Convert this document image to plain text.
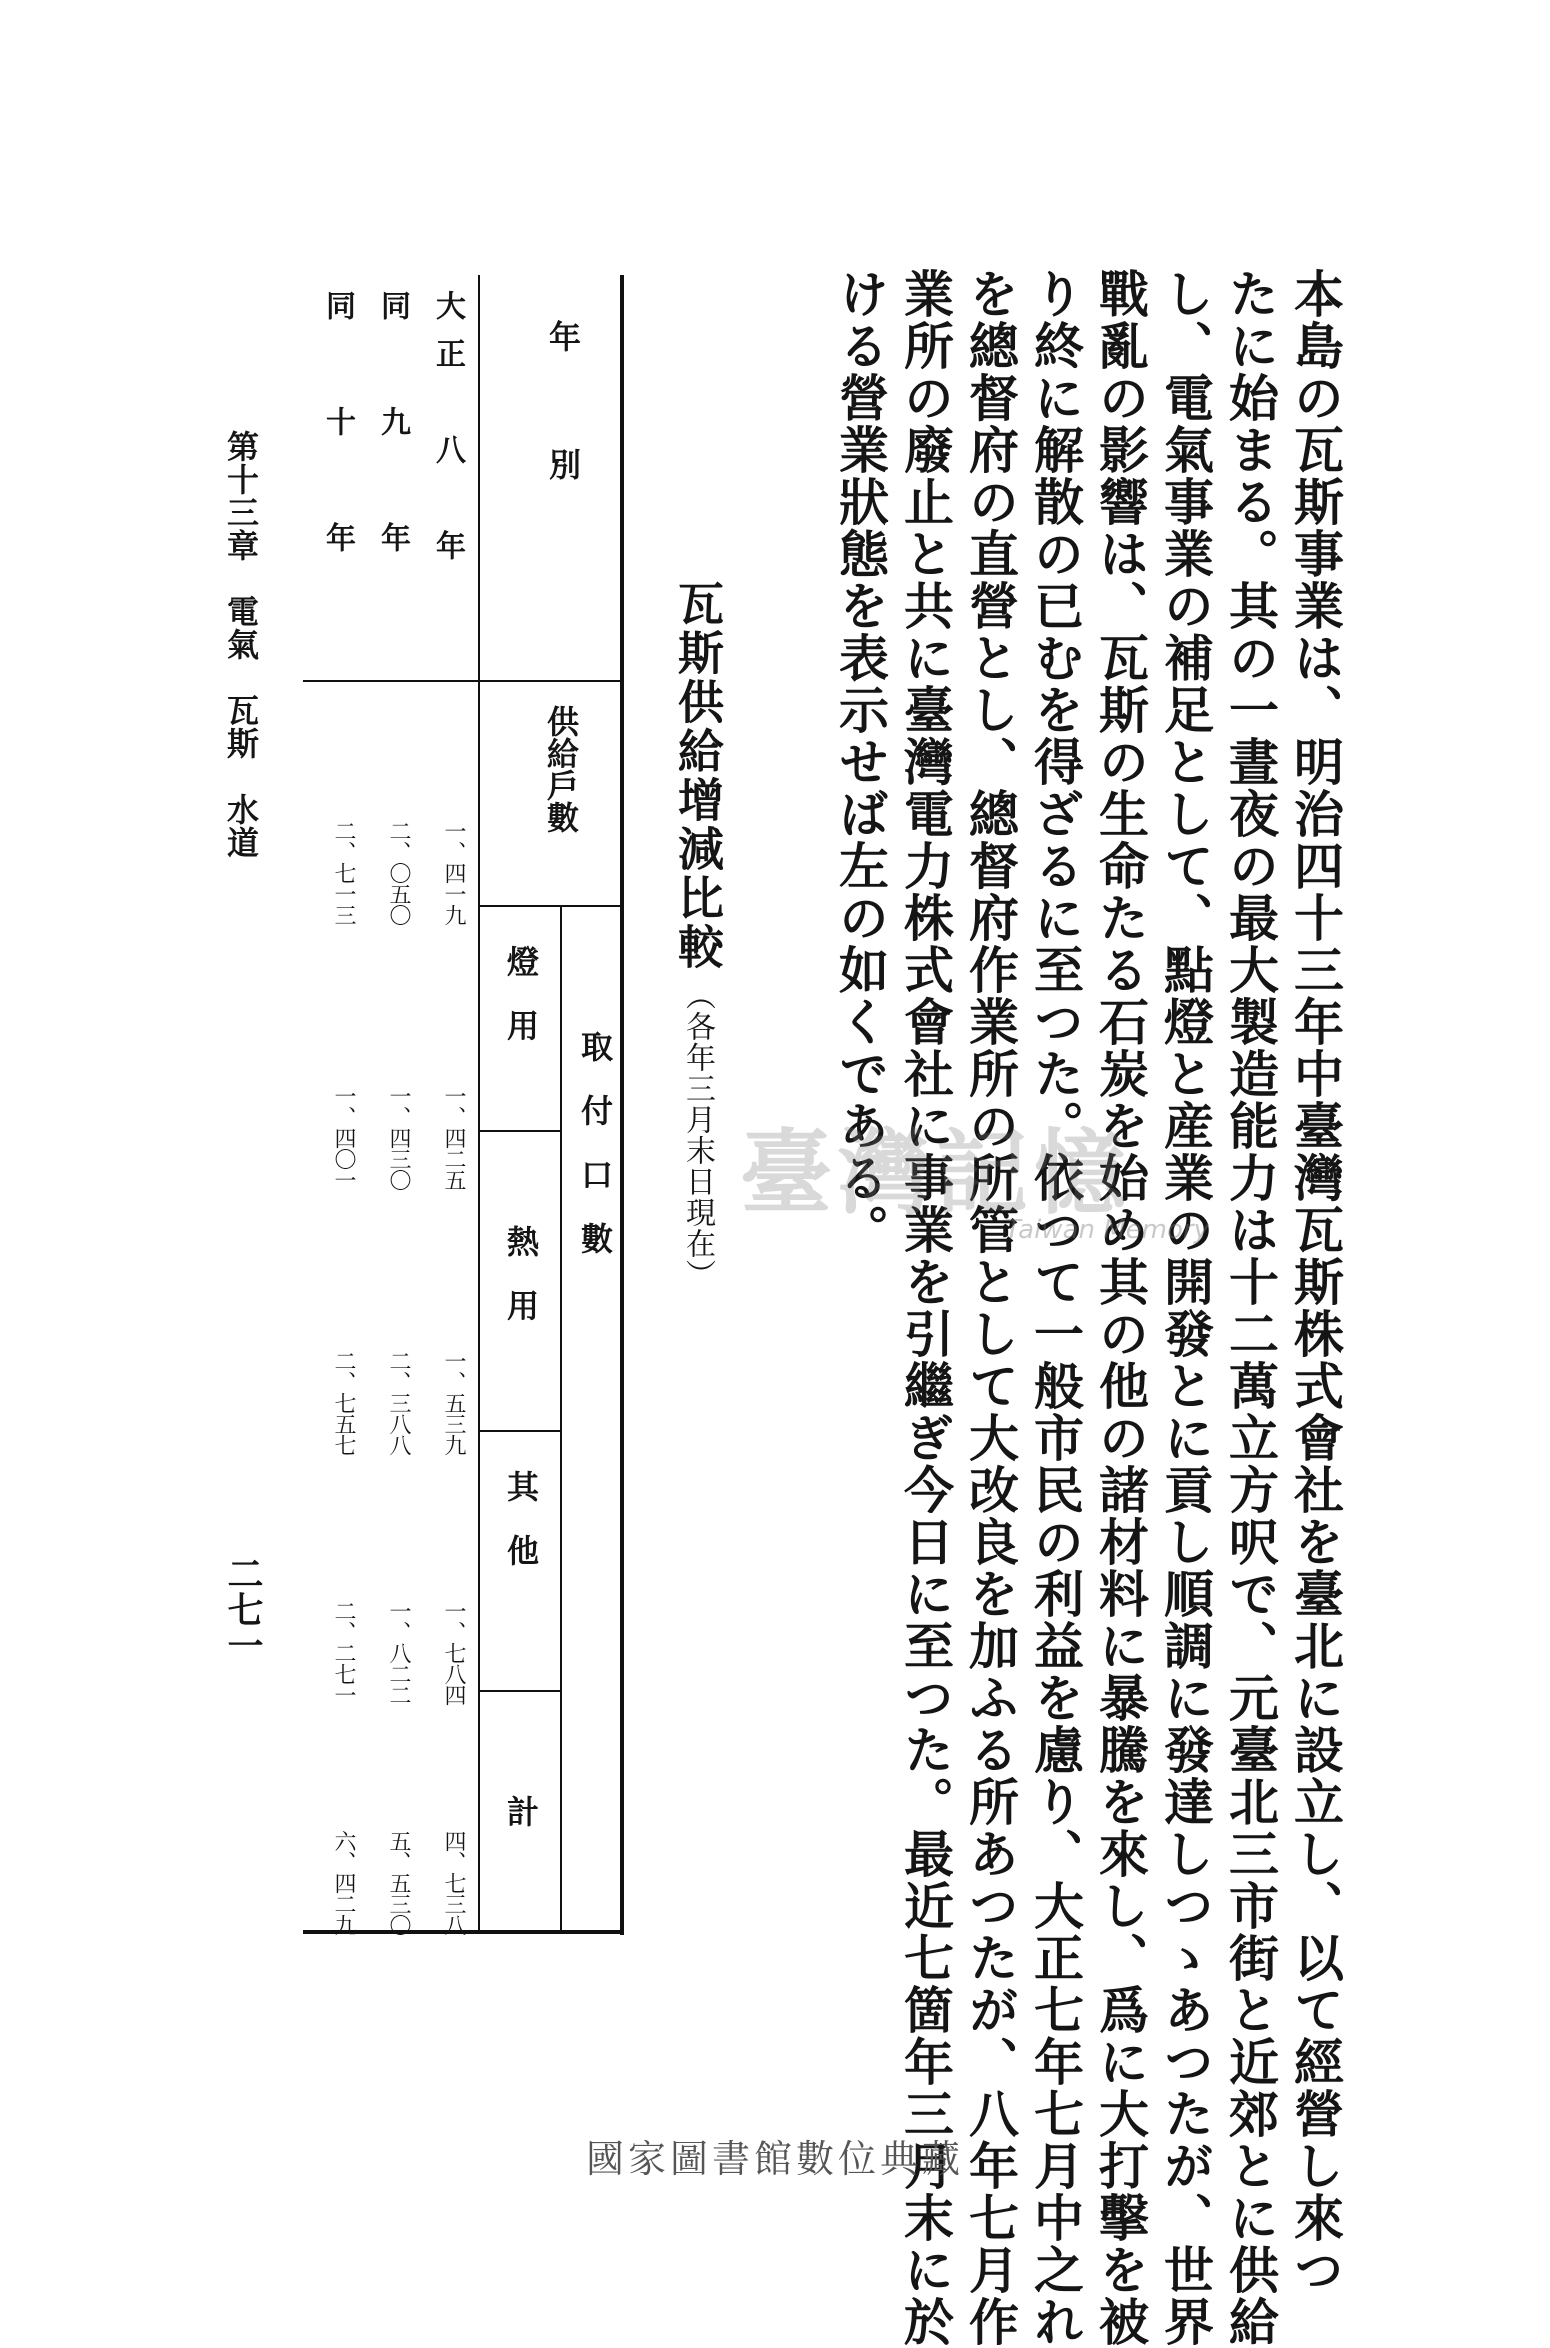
本島の瓦斯事業は、明治四十三年中臺灣瓦斯株式會社を臺北に設立し、以て經營し來つ
たに始まる。其の一晝夜の最大製造能力は十二萬立方呎で、元臺北三市街と近郊とに供給
し、電氣事業の補足として、點燈と産業の開發とに貢し順調に發達しつゝあつたが、世界
戰亂の影響は、瓦斯の生命たる石炭を始め其の他の諸材料に暴騰を來し、爲に大打擊を被
り終に解散の已むを得ざるに至つた。依つて一般市民の利益を慮り、大正七年七月中之れ
を總督府の直營とし、總督府作業所の所管として大改良を加ふる所あつたが、八年七月作
業所の廢止と共に臺灣電力株式會社に事業を引繼ぎ今日に至つた。最近七箇年三月末に於
ける營業狀態を表示せば左の如くである。
瓦斯供給增減比較
（各年三月末日現在）
年　　　別
供給戶數
取　付　口　數
燈　用
熱　用
其　他
計
大正　八　年
同　九　年
同　十　年
一、四一九
二、〇五〇
二、七一三
一、四二五
一、四三〇
一、四〇一
一、五三九
二、三八八
二、七五七
一、七八四
一、八二二
二、二七一
四、七三八
五、五三〇
六、四二九
臺灣記憶
Taiwan Memory
第十三章　電氣　瓦斯　水道
二七一
國家圖書館數位典藏
